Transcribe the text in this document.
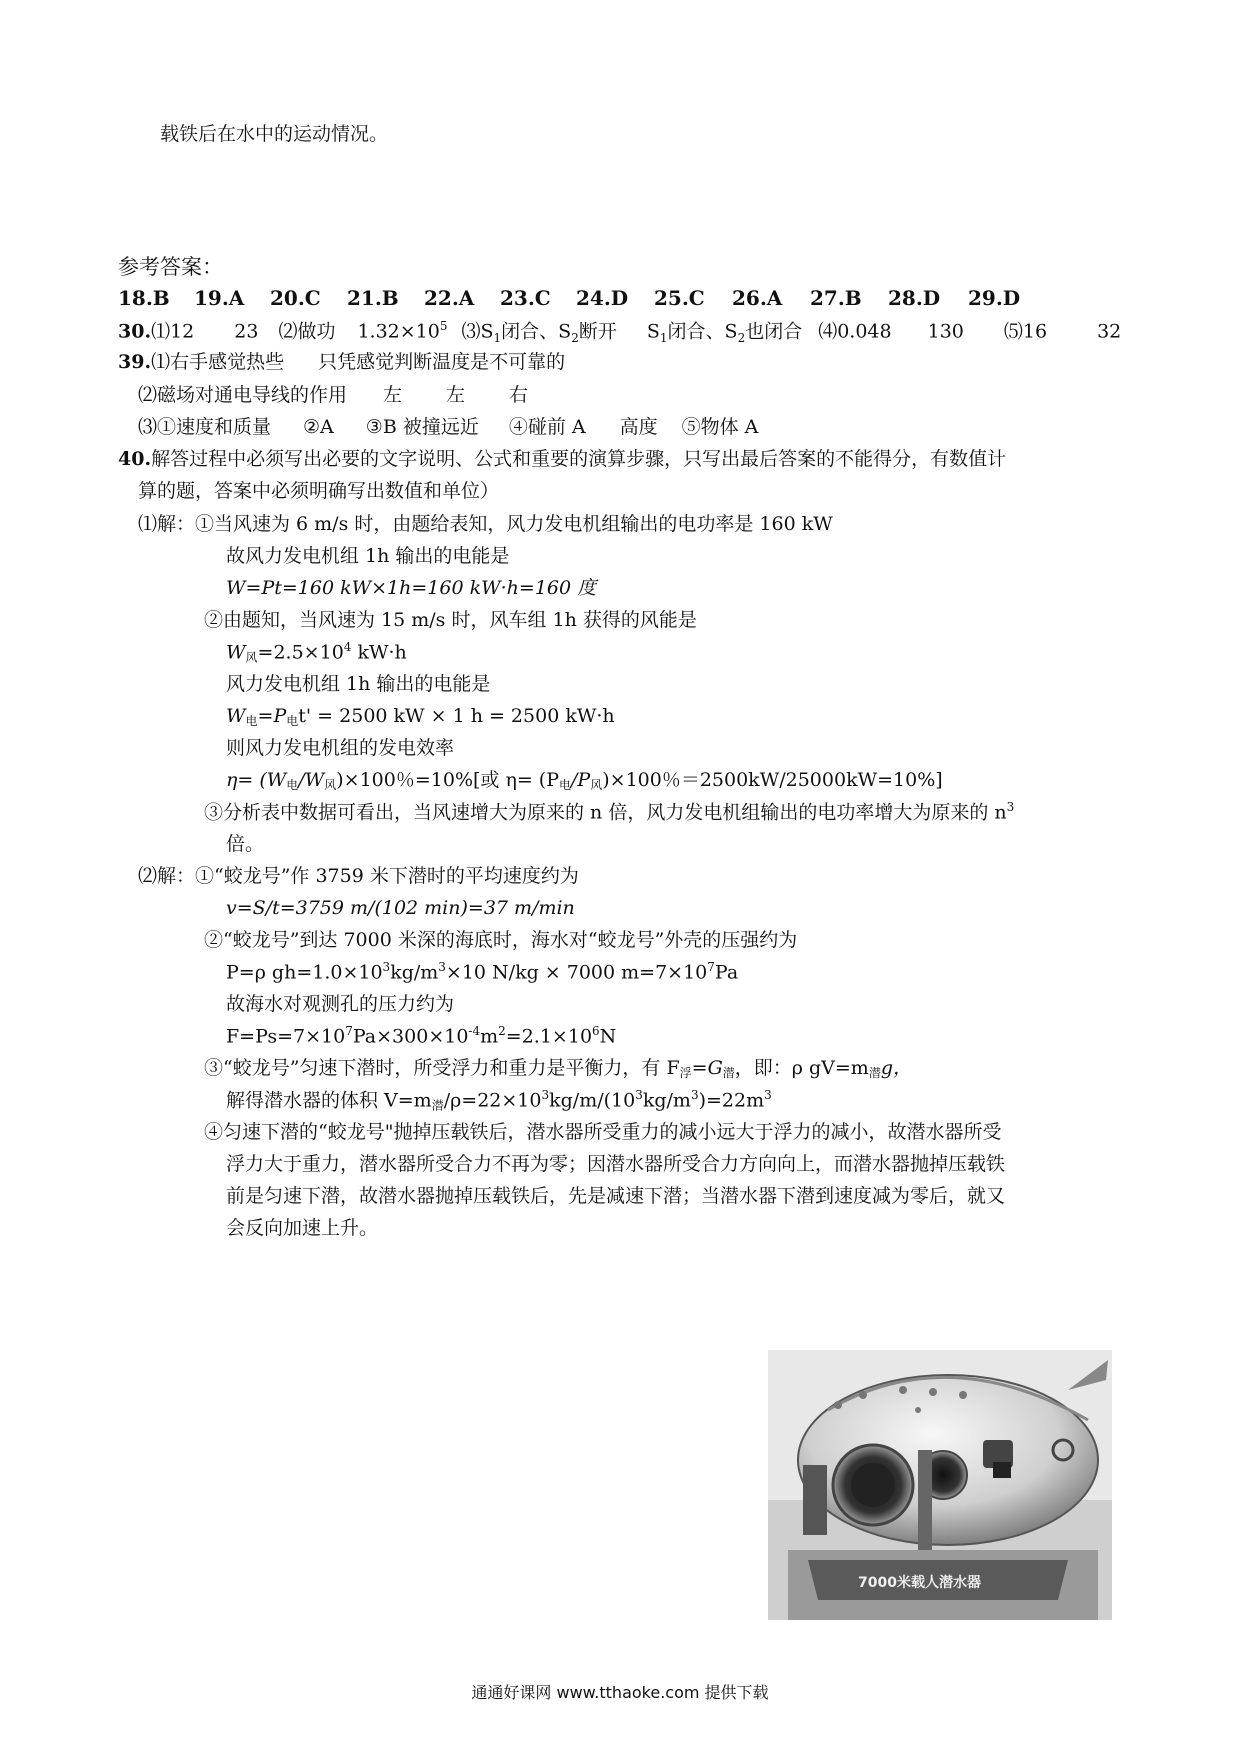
载铁后在水中的运动情况。
参考答案：
18.B 19.A 20.C 21.B 22.A 23.C 24.D 25.C 26.A 27.B 28.D 29.D
30.⑴12 23 ⑵做功 $1.32\times 10^5$ $⑶S_1$闭合、$S_2$断开 $S_1$闭合、$S_2$也闭合 ⑷0.048 130 ⑸16	32
39.⑴右手感觉热些 只凭感觉判断温度是不可靠的
⑵磁场对通电导线的作用 左 左 右
⑶①速度和质量 ②A ③B 被撞远近 ④碰前 A 高度 ⑤物体 A
40.解答过程中必须写出必要的文字说明、公式和重要的演算步骤，只写出最后答案的不能得分，有数值计
算的题，答案中必须明确写出数值和单位）
⑴解：①当风速为 6 m/s 时，由题给表知，风力发电机组输出的电功率是 160 kW
故风力发电机组 1h 输出的电能是
W=Pt=160 kW×1h=160 kW·h=160 度
②由题知，当风速为 15 m/s 时，风车组 1h 获得的风能是
W风$=2.5\times 10^4$ kW·h
风力发电机组 1h 输出的电能是
W电=P电t' = 2500 kW × 1 h = 2500 kW·h
则风力发电机组的发电效率
η= (W电/W风)×100％=10%[或 η= (P电/P风)×100％＝2500kW/25000kW=10%]
③分析表中数据可看出，当风速增大为原来的 n 倍，风力发电机组输出的电功率增大为原来的 $n^3$
倍。
⑵解：①“蛟龙号”作 3759 米下潜时的平均速度约为
v=S/t=3759 m/(102 min)=37 m/min
②“蛟龙号”到达 7000 米深的海底时，海水对“蛟龙号”外壳的压强约为
P=ρ $gh=1.0\times 10^3kg/m^3\times 10$ N/kg × 7000 $m=7\times 10^7Pa$
故海水对观测孔的压力约为
$F=Ps=7\times 10^7Pa\times 300\times 10^{-4}m^2=2.1\times 10^6N$
③“蛟龙号”匀速下潜时，所受浮力和重力是平衡力，有 F浮=G潜，即：ρ gV=m潜g，
解得潜水器的体积 V=m潜$/\rho=22\times 10^3kg/m/(10^3kg/m^3)=22m^3$
④匀速下潜的“蛟龙号"抛掉压载铁后，潜水器所受重力的减小远大于浮力的减小，故潜水器所受
浮力大于重力，潜水器所受合力不再为零；因潜水器所受合力方向向上，而潜水器抛掉压载铁
前是匀速下潜，故潜水器抛掉压载铁后，先是减速下潜；当潜水器下潜到速度减为零后，就又
会反向加速上升。
7000米载人潜水器
通通好课网 www.tthaoke.com 提供下载
